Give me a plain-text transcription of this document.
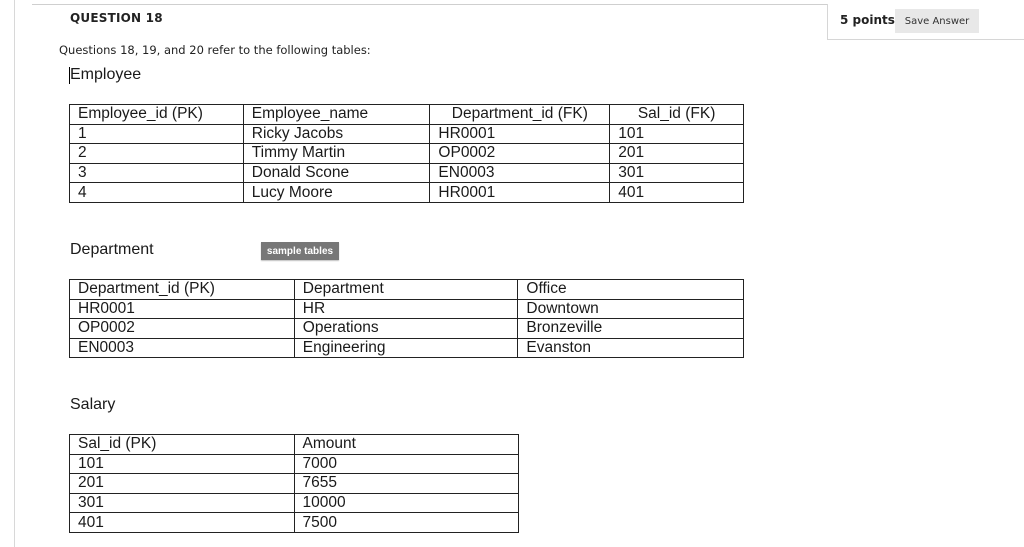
QUESTION 18	5 points Save Answer
Questions 18, 19, and 20 refer to the following tables:
Employee
Employee_id (PK)	Employee_name	Department_id (FK)	Sal_id (FK)
1	Ricky Jacobs	HR0001	101
2	Timmy Martin	OP0002	201
3	Donald Scone	EN0003	301
4	Lucy Moore	HR0001	401
Department	sample tables
Department_id (PK)	Department	Office
HR0001	HR	Downtown
OP0002	Operations	Bronzeville
EN0003	Engineering	Evanston
Salary
Sal_id (PK)	Amount
101	7000
201	7655
301	10000
401	7500
